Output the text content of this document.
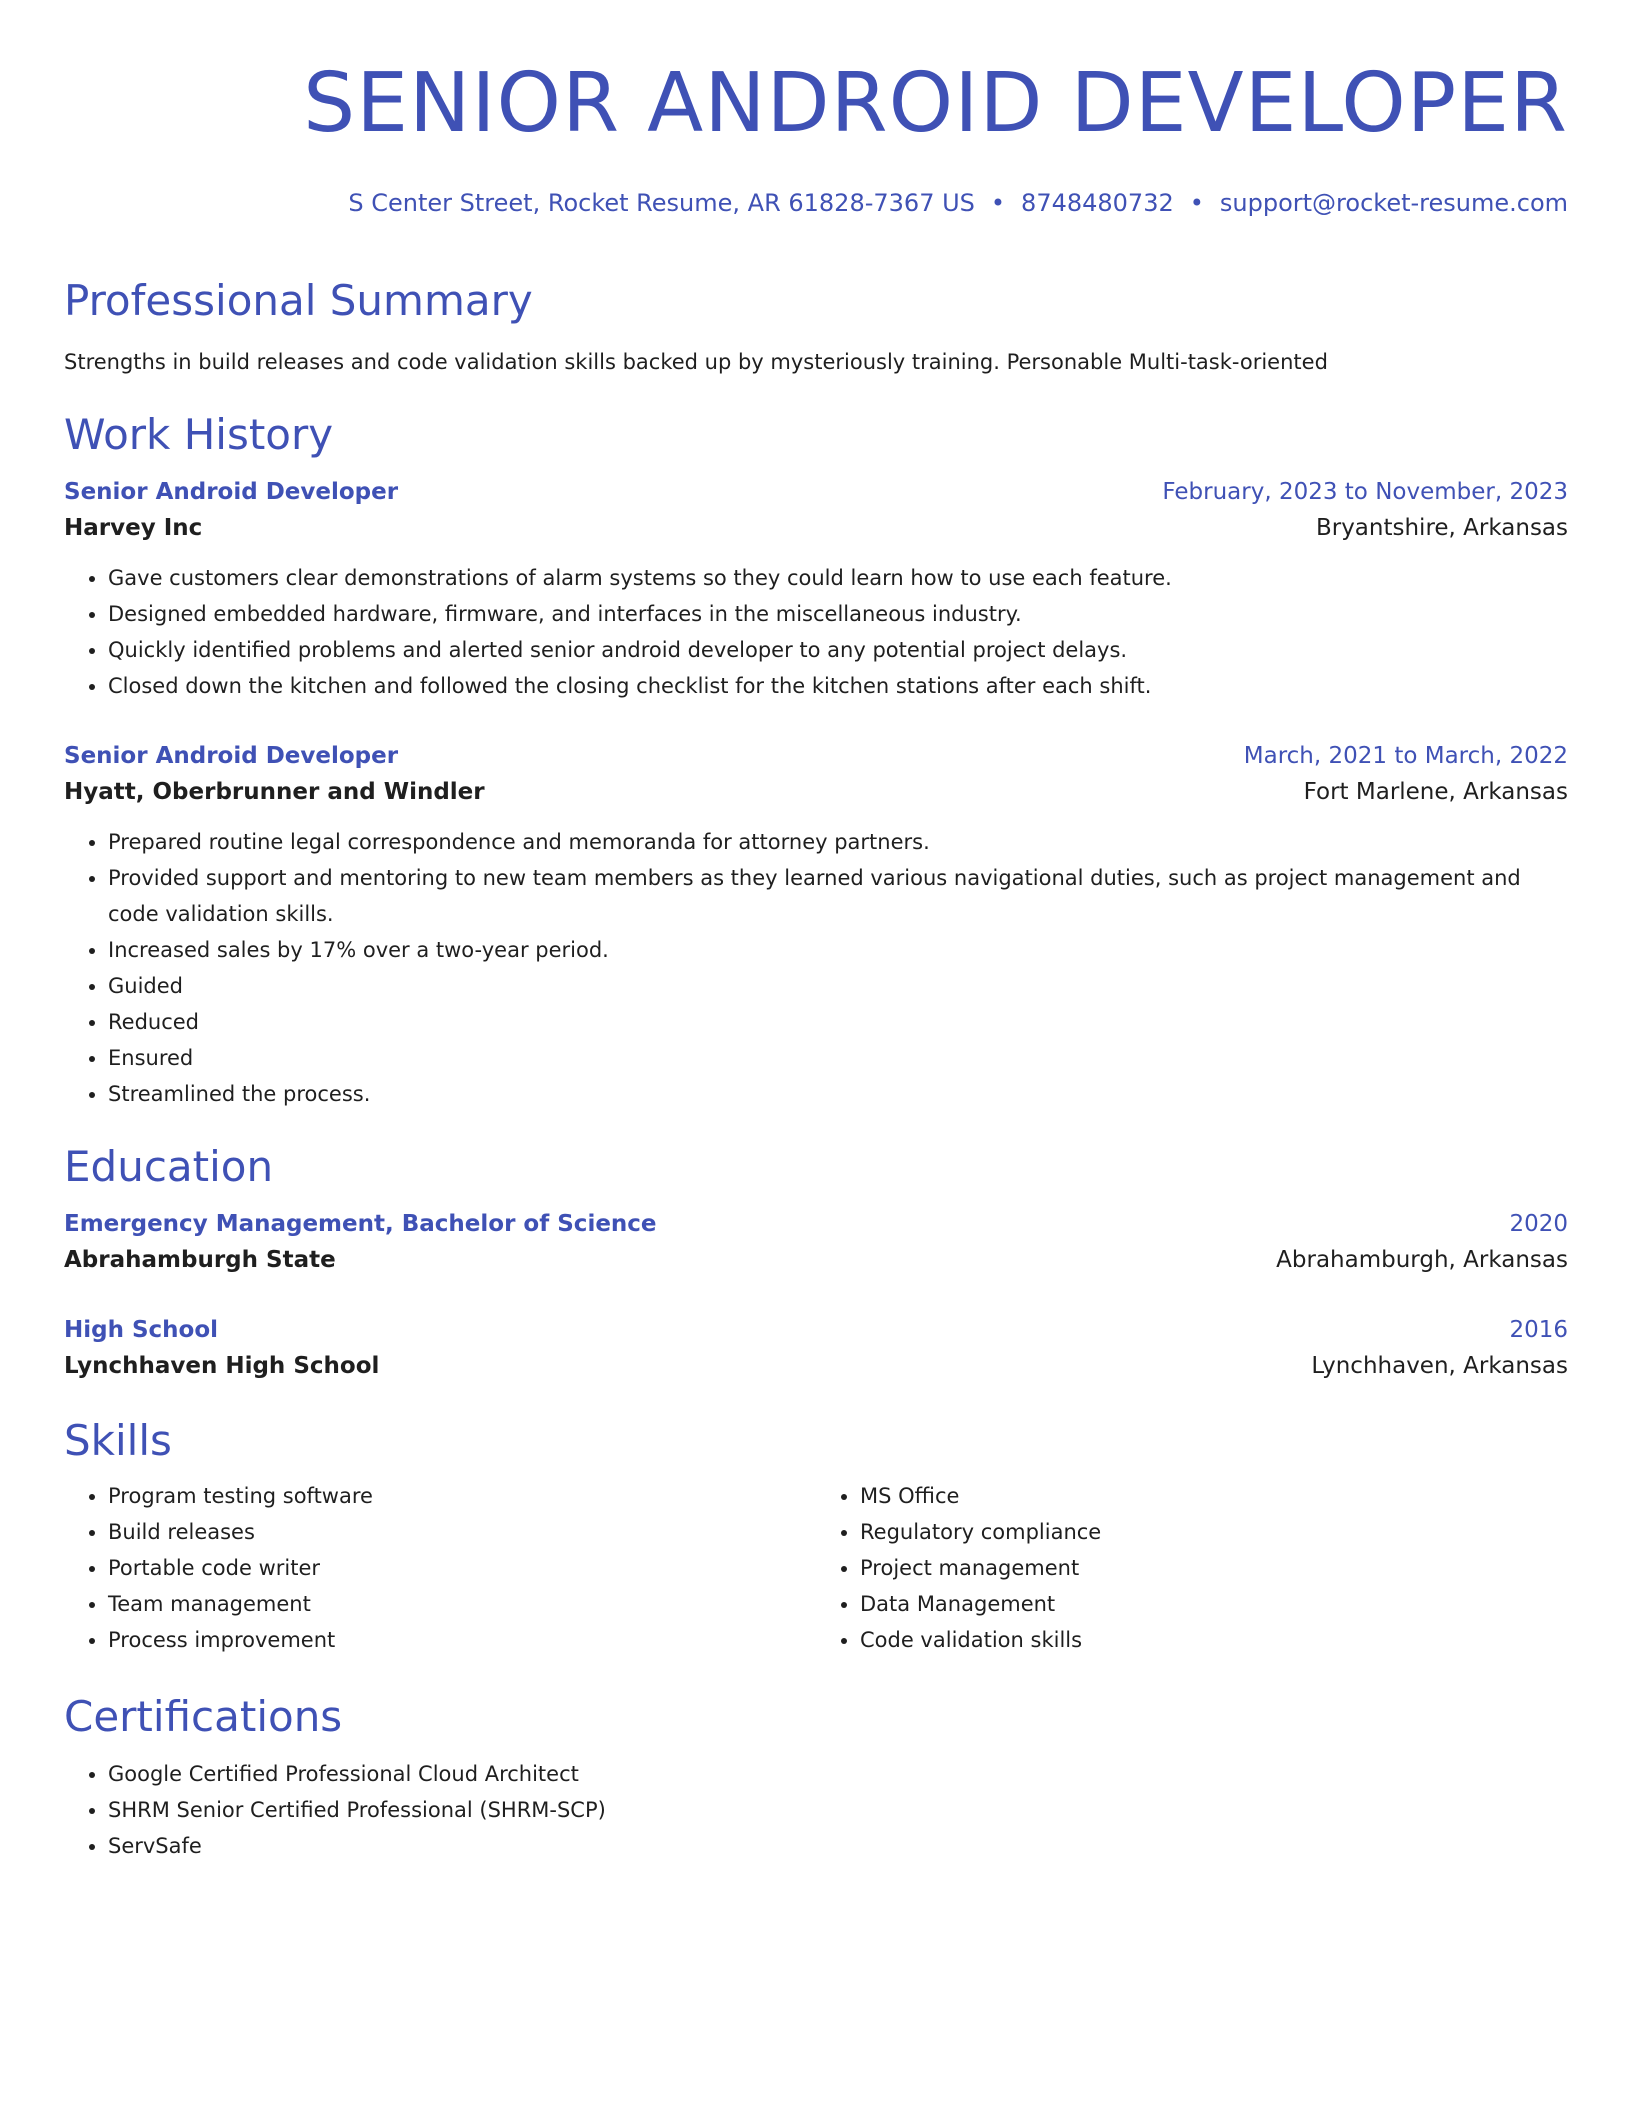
SENIOR ANDROID DEVELOPER
S Center Street, Rocket Resume, AR 61828-7367 US • 8748480732 • support@rocket-resume.com
Professional Summary
Strengths in build releases and code validation skills backed up by mysteriously training. Personable Multi-task-oriented
Work History
Senior Android Developer	February, 2023 to November, 2023
Harvey Inc	Bryantshire, Arkansas
• Gave customers clear demonstrations of alarm systems so they could learn how to use each feature.
• Designed embedded hardware, firmware, and interfaces in the miscellaneous industry.
• Quickly identified problems and alerted senior android developer to any potential project delays.
• Closed down the kitchen and followed the closing checklist for the kitchen stations after each shift.
Senior Android Developer	March, 2021 to March, 2022
Hyatt, Oberbrunner and Windler	Fort Marlene, Arkansas
• Prepared routine legal correspondence and memoranda for attorney partners.
• Provided support and mentoring to new team members as they learned various navigational duties, such as project management and code validation skills.
• Increased sales by 17% over a two-year period.
• Guided
• Reduced
• Ensured
• Streamlined the process.
Education
Emergency Management, Bachelor of Science	2020
Abrahamburgh State	Abrahamburgh, Arkansas
High School	2016
Lynchhaven High School	Lynchhaven, Arkansas
Skills
• Program testing software
• Build releases
• Portable code writer
• Team management
• Process improvement
• MS Office
• Regulatory compliance
• Project management
• Data Management
• Code validation skills
Certifications
• Google Certified Professional Cloud Architect
• SHRM Senior Certified Professional (SHRM-SCP)
• ServSafe
